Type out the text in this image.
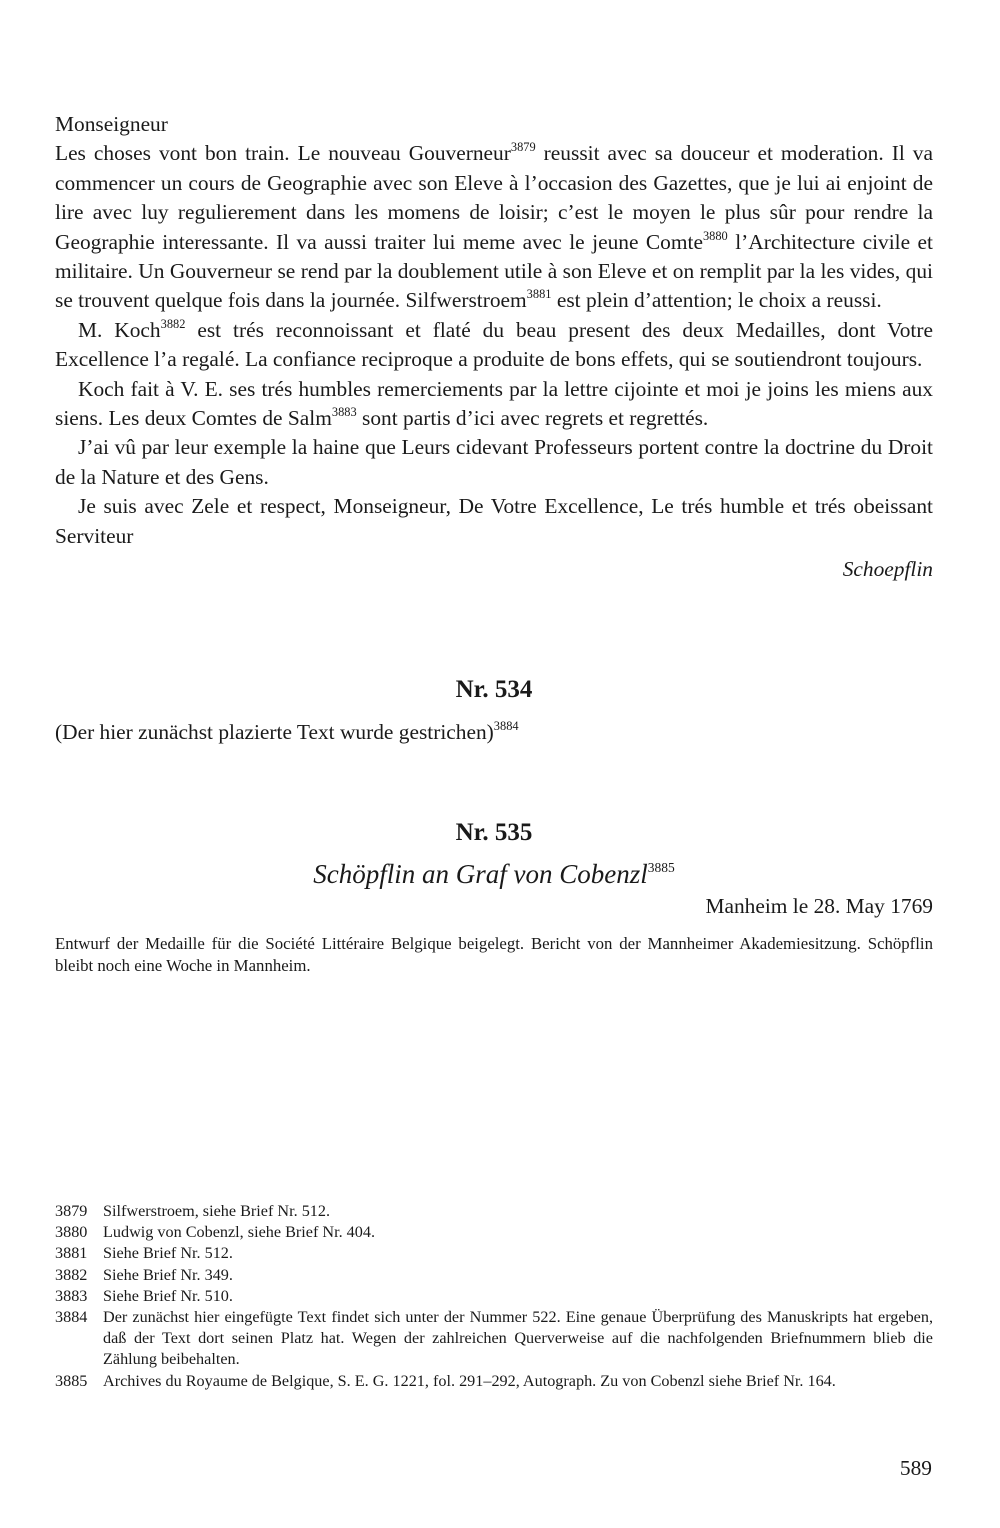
Monseigneur

Les choses vont bon train. Le nouveau Gouverneur$^{3879}$ reussit avec sa douceur et moderation. Il va commencer un cours de Geographie avec son Eleve à l’occasion des Gazettes, que je lui ai enjoint de lire avec luy regulierement dans les momens de loisir; c’est le moyen le plus sûr pour rendre la Geographie interessante. Il va aussi traiter lui meme avec le jeune Comte$^{3880}$ l’Architecture civile et militaire. Un Gouverneur se rend par la doublement utile à son Eleve et on remplit par la les vides, qui se trouvent quelque fois dans la journée. Silfwerstroem$^{3881}$ est plein d’attention; le choix a reussi.

M. Koch$^{3882}$ est trés reconnoissant et flaté du beau present des deux Medailles, dont Votre Excellence l’a regalé. La confiance reciproque a produite de bons effets, qui se soutiendront toujours.

Koch fait à V. E. ses trés humbles remerciements par la lettre cijointe et moi je joins les miens aux siens. Les deux Comtes de Salm$^{3883}$ sont partis d’ici avec regrets et regrettés.

J’ai vû par leur exemple la haine que Leurs cidevant Professeurs portent contre la doctrine du Droit de la Nature et des Gens.

Je suis avec Zele et respect, Monseigneur, De Votre Excellence, Le trés humble et trés obeissant Serviteur

Schoepflin
Nr. 534
(Der hier zunächst plazierte Text wurde gestrichen)$^{3884}$
Nr. 535
Schöpflin an Graf von Cobenzl$^{3885}$
Manheim le 28. May 1769
Entwurf der Medaille für die Société Littéraire Belgique beigelegt. Bericht von der Mannheimer Akademiesitzung. Schöpflin bleibt noch eine Woche in Mannheim.
3879 Silfwerstroem, siehe Brief Nr. 512.
3880 Ludwig von Cobenzl, siehe Brief Nr. 404.
3881 Siehe Brief Nr. 512.
3882 Siehe Brief Nr. 349.
3883 Siehe Brief Nr. 510.
3884 Der zunächst hier eingefügte Text findet sich unter der Nummer 522. Eine genaue Überprüfung des Manuskripts hat ergeben, daß der Text dort seinen Platz hat. Wegen der zahlreichen Querverweise auf die nachfolgenden Briefnummern blieb die Zählung beibehalten.
3885 Archives du Royaume de Belgique, S. E. G. 1221, fol. 291–292, Autograph. Zu von Cobenzl siehe Brief Nr. 164.
589
